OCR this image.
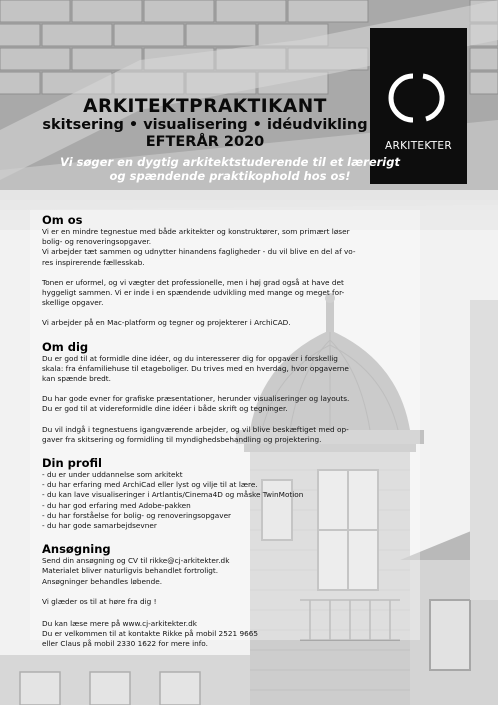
ARKITEKTER
ARKITEKTPRAKTIKANT
skitsering • visualisering • idéudvikling
EFTERÅR 2020
Vi søger en dygtig arkitektstuderende til et lærerigt
og spændende praktikophold hos os!
Om os
Vi er en mindre tegnestue med både arkitekter og konstruktører, som primært løser
bolig- og renoveringsopgaver.
Vi arbejder tæt sammen og udnytter hinandens fagligheder - du vil blive en del af vo-
res inspirerende fællesskab.
Tonen er uformel, og vi vægter det professionelle, men i høj grad også at have det
hyggeligt sammen. Vi er inde i en spændende udvikling med mange og meget for-
skellige opgaver.
Vi arbejder på en Mac-platform og tegner og projekterer i ArchiCAD.
Om dig
Du er god til at formidle dine idéer, og du interesserer dig for opgaver i forskellig
skala: fra énfamiliehuse til etageboliger. Du trives med en hverdag, hvor opgaverne
kan spænde bredt.
Du har gode evner for grafiske præsentationer, herunder visualiseringer og layouts.
Du er god til at videreformidle dine idéer i både skrift og tegninger.
Du vil indgå i tegnestuens igangværende arbejder, og vil blive beskæftiget med op-
gaver fra skitsering og formidling til myndighedsbehandling og projektering.
Din profil
- du er under uddannelse som arkitekt
- du har erfaring med ArchiCad eller lyst og vilje til at lære.
- du kan lave visualiseringer i Artlantis/Cinema4D og måske TwinMotion
- du har god erfaring med Adobe-pakken
- du har forståelse for bolig- og renoveringsopgaver
- du har gode samarbejdsevner
Ansøgning
Send din ansøgning og CV til rikke@cj-arkitekter.dk
Materialet bliver naturligvis behandlet fortroligt.
Ansøgninger behandles løbende.
Vi glæder os til at høre fra dig !
Du kan læse mere på www.cj-arkitekter.dk
Du er velkommen til at kontakte Rikke på mobil 2521 9665
eller Claus på mobil 2330 1622 for mere info.
